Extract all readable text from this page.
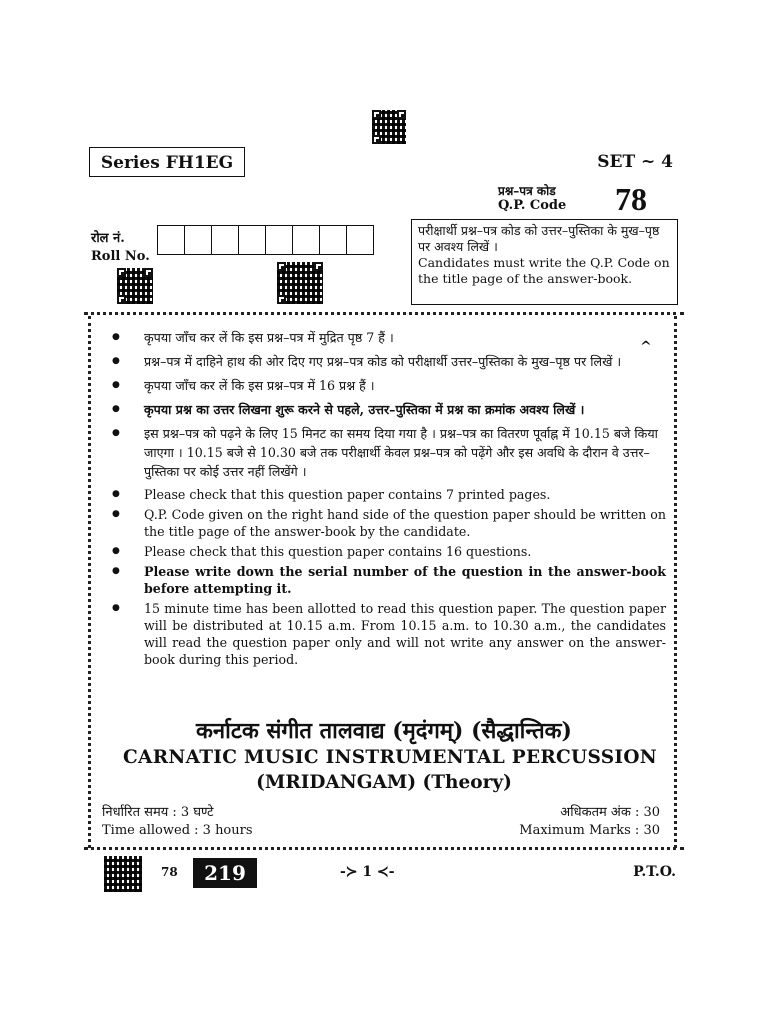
Series FH1EG	SET ~ 4
प्रश्न–पत्र कोड
Q.P. Code 78
रोल नं.
Roll No.
परीक्षार्थी प्रश्न–पत्र कोड को उत्तर–पुस्तिका के मुख–पृष्ठ पर अवश्य लिखें ।
Candidates must write the Q.P. Code on the title page of the answer-book.
● कृपया जाँच कर लें कि इस प्रश्न–पत्र में मुद्रित पृष्ठ 7 हैं ।
● प्रश्न–पत्र में दाहिने हाथ की ओर दिए गए प्रश्न–पत्र कोड को परीक्षार्थी उत्तर–पुस्तिका के मुख–पृष्ठ पर लिखें ।
● कृपया जाँच कर लें कि इस प्रश्न–पत्र में 16 प्रश्न हैं ।
● कृपया प्रश्न का उत्तर लिखना शुरू करने से पहले, उत्तर–पुस्तिका में प्रश्न का क्रमांक अवश्य लिखें ।
● इस प्रश्न–पत्र को पढ़ने के लिए 15 मिनट का समय दिया गया है । प्रश्न–पत्र का वितरण पूर्वाह्न में 10.15 बजे किया जाएगा । 10.15 बजे से 10.30 बजे तक परीक्षार्थी केवल प्रश्न–पत्र को पढ़ेंगे और इस अवधि के दौरान वे उत्तर–पुस्तिका पर कोई उत्तर नहीं लिखेंगे ।
● Please check that this question paper contains 7 printed pages.
● Q.P. Code given on the right hand side of the question paper should be written on the title page of the answer-book by the candidate.
● Please check that this question paper contains 16 questions.
● Please write down the serial number of the question in the answer-book before attempting it.
● 15 minute time has been allotted to read this question paper. The question paper will be distributed at 10.15 a.m. From 10.15 a.m. to 10.30 a.m., the candidates will read the question paper only and will not write any answer on the answer-book during this period.
^
कर्नाटक संगीत तालवाद्य (मृदंगम्) (सैद्धान्तिक)
CARNATIC MUSIC INSTRUMENTAL PERCUSSION
(MRIDANGAM) (Theory)
निर्धारित समय : 3 घण्टे
Time allowed : 3 hours
अधिकतम अंक : 30
Maximum Marks : 30
78	219	-≻ 1 ≺-	P.T.O.
